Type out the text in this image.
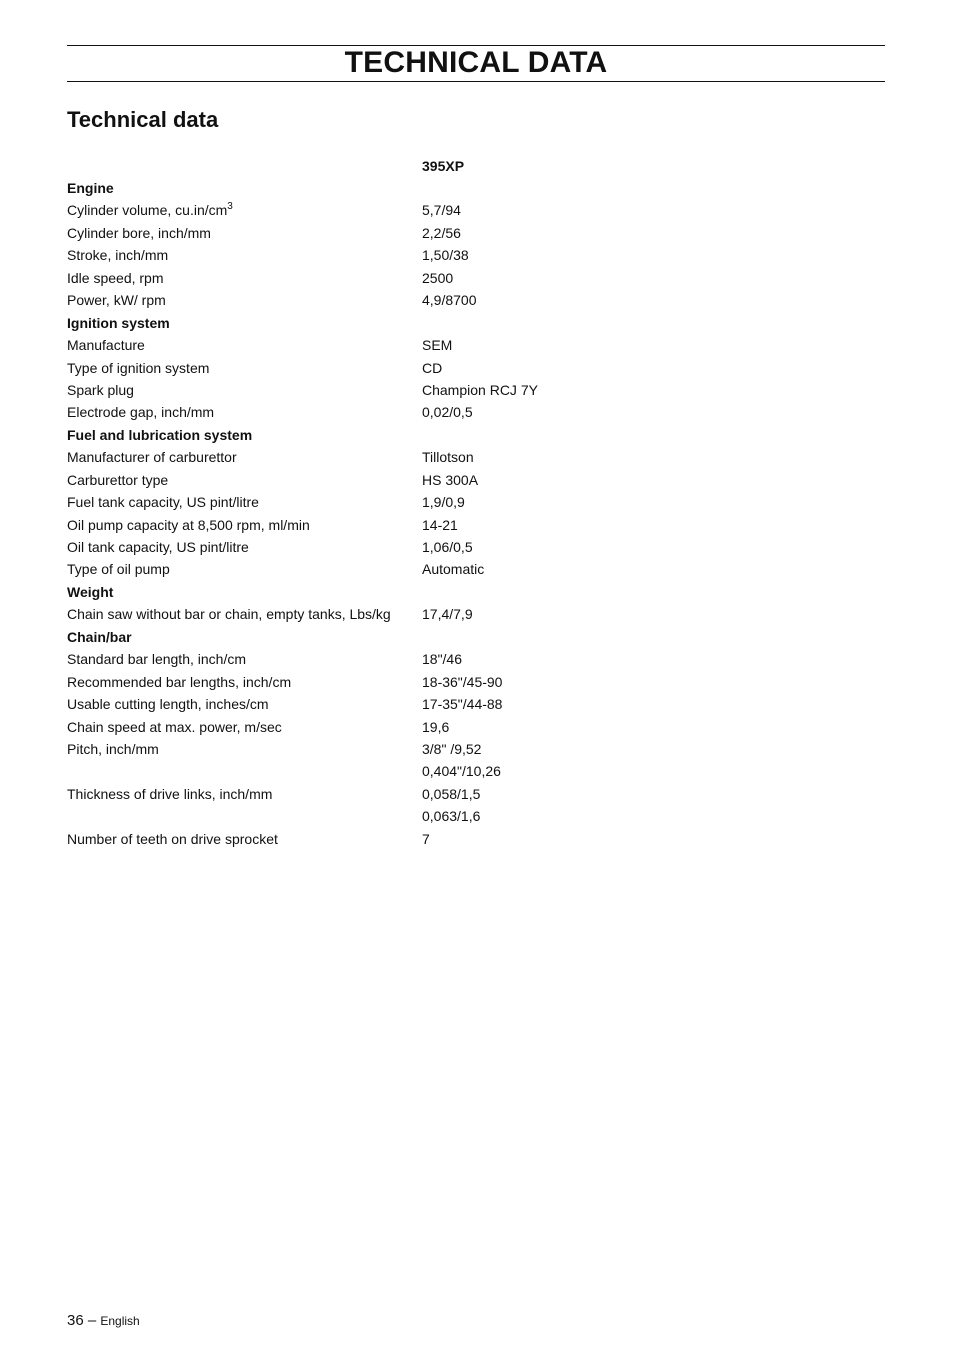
TECHNICAL DATA
Technical data
395XP
Engine
Cylinder volume, $cu.in/cm^3$	5,7/94
Cylinder bore, inch/mm	2,2/56
Stroke, inch/mm	1,50/38
Idle speed, rpm	2500
Power, kW/ rpm	4,9/8700
Ignition system
Manufacture	SEM
Type of ignition system	CD
Spark plug	Champion RCJ 7Y
Electrode gap, inch/mm	0,02/0,5
Fuel and lubrication system
Manufacturer of carburettor	Tillotson
Carburettor type	HS 300A
Fuel tank capacity, US pint/litre	1,9/0,9
Oil pump capacity at 8,500 rpm, ml/min	14-21
Oil tank capacity, US pint/litre	1,06/0,5
Type of oil pump	Automatic
Weight
Chain saw without bar or chain, empty tanks, Lbs/kg 17,4/7,9
Chain/bar
Standard bar length, inch/cm	18"/46
Recommended bar lengths, inch/cm	18-36"/45-90
Usable cutting length, inches/cm	17-35"/44-88
Chain speed at max. power, m/sec	19,6
Pitch, inch/mm	3/8" /9,52
0,404"/10,26
Thickness of drive links, inch/mm	0,058/1,5
0,063/1,6
Number of teeth on drive sprocket	7
36 – English
